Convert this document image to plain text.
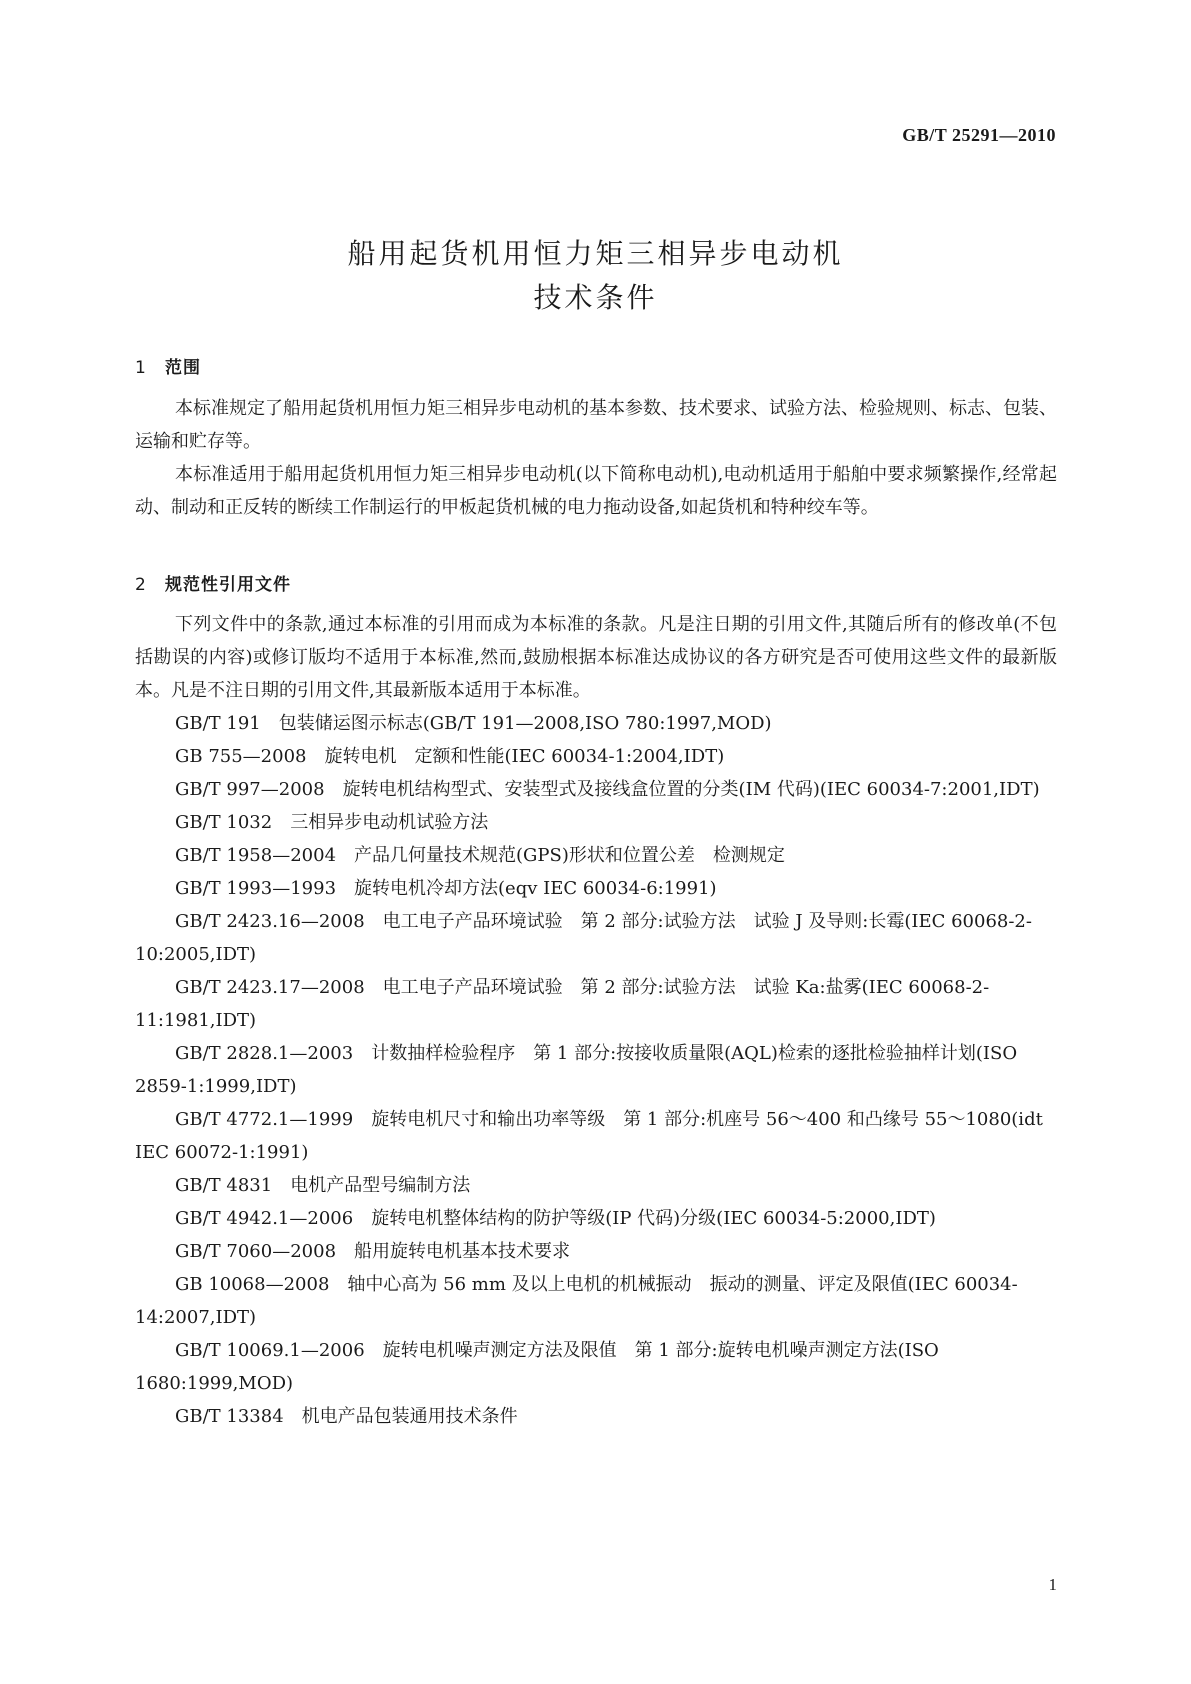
GB/T 25291—2010
船用起货机用恒力矩三相异步电动机
技术条件
1 范围

本标准规定了船用起货机用恒力矩三相异步电动机的基本参数、技术要求、试验方法、检验规则、标志、包装、运输和贮存等。

本标准适用于船用起货机用恒力矩三相异步电动机(以下简称电动机),电动机适用于船舶中要求频繁操作,经常起动、制动和正反转的断续工作制运行的甲板起货机械的电力拖动设备,如起货机和特种绞车等。

2 规范性引用文件

下列文件中的条款,通过本标准的引用而成为本标准的条款。凡是注日期的引用文件,其随后所有的修改单(不包括勘误的内容)或修订版均不适用于本标准,然而,鼓励根据本标准达成协议的各方研究是否可使用这些文件的最新版本。凡是不注日期的引用文件,其最新版本适用于本标准。

GB/T 191　包装储运图示标志(GB/T 191—2008,ISO 780:1997,MOD)

GB 755—2008　旋转电机　定额和性能(IEC 60034-1:2004,IDT)

GB/T 997—2008　旋转电机结构型式、安装型式及接线盒位置的分类(IM 代码)(IEC 60034-7:2001,IDT)

GB/T 1032　三相异步电动机试验方法

GB/T 1958—2004　产品几何量技术规范(GPS)形状和位置公差　检测规定

GB/T 1993—1993　旋转电机冷却方法(eqv IEC 60034-6:1991)

GB/T 2423.16—2008　电工电子产品环境试验　第 2 部分:试验方法　试验 J 及导则:长霉(IEC 60068-2-10:2005,IDT)

GB/T 2423.17—2008　电工电子产品环境试验　第 2 部分:试验方法　试验 Ka:盐雾(IEC 60068-2-11:1981,IDT)

GB/T 2828.1—2003　计数抽样检验程序　第 1 部分:按接收质量限(AQL)检索的逐批检验抽样计划(ISO 2859-1:1999,IDT)

GB/T 4772.1—1999　旋转电机尺寸和输出功率等级　第 1 部分:机座号 56～400 和凸缘号 55～1080(idt IEC 60072-1:1991)

GB/T 4831　电机产品型号编制方法

GB/T 4942.1—2006　旋转电机整体结构的防护等级(IP 代码)分级(IEC 60034-5:2000,IDT)

GB/T 7060—2008　船用旋转电机基本技术要求

GB 10068—2008　轴中心高为 56 mm 及以上电机的机械振动　振动的测量、评定及限值(IEC 60034-14:2007,IDT)

GB/T 10069.1—2006　旋转电机噪声测定方法及限值　第 1 部分:旋转电机噪声测定方法(ISO 1680:1999,MOD)

GB/T 13384　机电产品包装通用技术条件

1
